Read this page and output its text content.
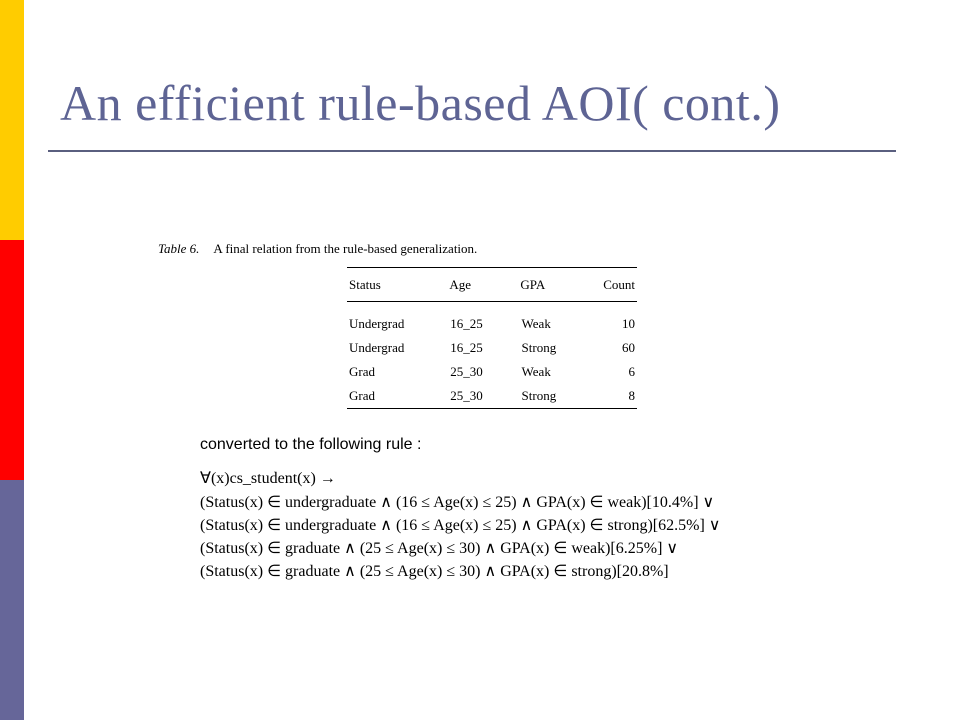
An efficient rule-based AOI( cont.)
Table 6. A final relation from the rule-based generalization.
Status	Age	GPA	Count
Undergrad	16_25	Weak	10
Undergrad	16_25	Strong	60
Grad	25_30	Weak	6
Grad	25_30	Strong	8
converted to the following rule :
∀(x)cs_student(x) →
(Status(x) ∈ undergraduate ∧ (16 ≤ Age(x) ≤ 25) ∧ GPA(x) ∈ weak)[10.4%] ∨
(Status(x) ∈ undergraduate ∧ (16 ≤ Age(x) ≤ 25) ∧ GPA(x) ∈ strong)[62.5%] ∨
(Status(x) ∈ graduate ∧ (25 ≤ Age(x) ≤ 30) ∧ GPA(x) ∈ weak)[6.25%] ∨
(Status(x) ∈ graduate ∧ (25 ≤ Age(x) ≤ 30) ∧ GPA(x) ∈ strong)[20.8%]
